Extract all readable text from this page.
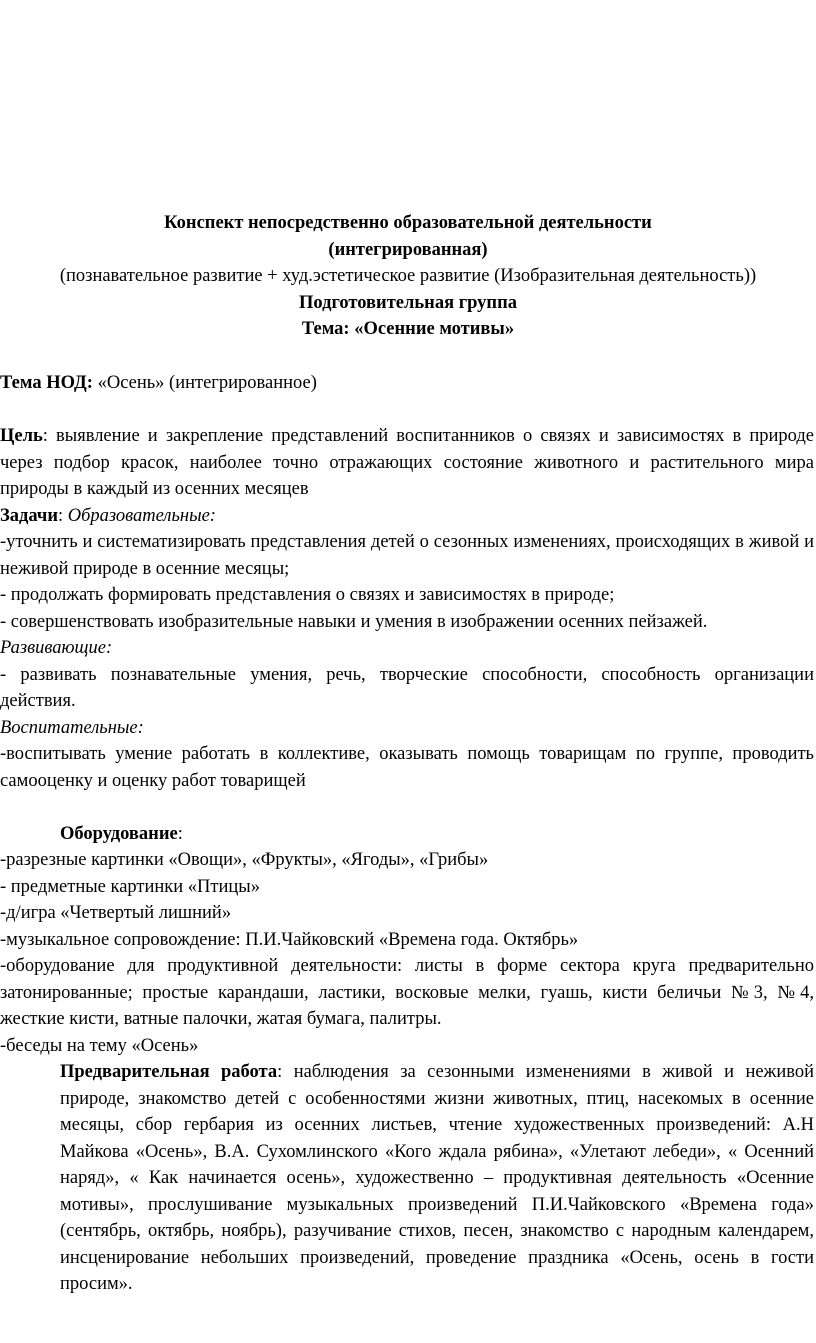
Конспект непосредственно образовательной деятельности
(интегрированная)
(познавательное развитие + худ.эстетическое развитие (Изобразительная деятельность))
Подготовительная группа
Тема: «Осенние мотивы»

Тема НОД: «Осень» (интегрированное)

Цель: выявление и закрепление представлений воспитанников о связях и зависимостях в природе через подбор красок, наиболее точно отражающих состояние животного и растительного мира природы в каждый из осенних месяцев

Задачи: Образовательные:

-уточнить и систематизировать представления детей о сезонных изменениях, происходящих в живой и неживой природе в осенние месяцы;

- продолжать формировать представления о связях и зависимостях в природе;

- совершенствовать изобразительные навыки и умения в изображении осенних пейзажей.

Развивающие:

- развивать познавательные умения, речь, творческие способности, способность организации действия.

Воспитательные:

-воспитывать умение работать в коллективе, оказывать помощь товарищам по группе, проводить самооценку и оценку работ товарищей

Оборудование:

-разрезные картинки «Овощи», «Фрукты», «Ягоды», «Грибы»

- предметные картинки «Птицы»

-д/игра «Четвертый лишний»

-музыкальное сопровождение: П.И.Чайковский «Времена года. Октябрь»

-оборудование для продуктивной деятельности: листы в форме сектора круга предварительно затонированные; простые карандаши, ластики, восковые мелки, гуашь, кисти беличьи №3, №4, жесткие кисти, ватные палочки, жатая бумага, палитры.

-беседы на тему «Осень»

Предварительная работа: наблюдения за сезонными изменениями в живой и неживой природе, знакомство детей с особенностями жизни животных, птиц, насекомых в осенние месяцы, сбор гербария из осенних листьев, чтение художественных произведений: А.Н Майкова «Осень», В.А. Сухомлинского «Кого ждала рябина», «Улетают лебеди», « Осенний наряд», « Как начинается осень», художественно – продуктивная деятельность «Осенние мотивы», прослушивание музыкальных произведений П.И.Чайковского «Времена года» (сентябрь, октябрь, ноябрь), разучивание стихов, песен, знакомство с народным календарем, инсценирование небольших произведений, проведение праздника «Осень, осень в гости просим».
